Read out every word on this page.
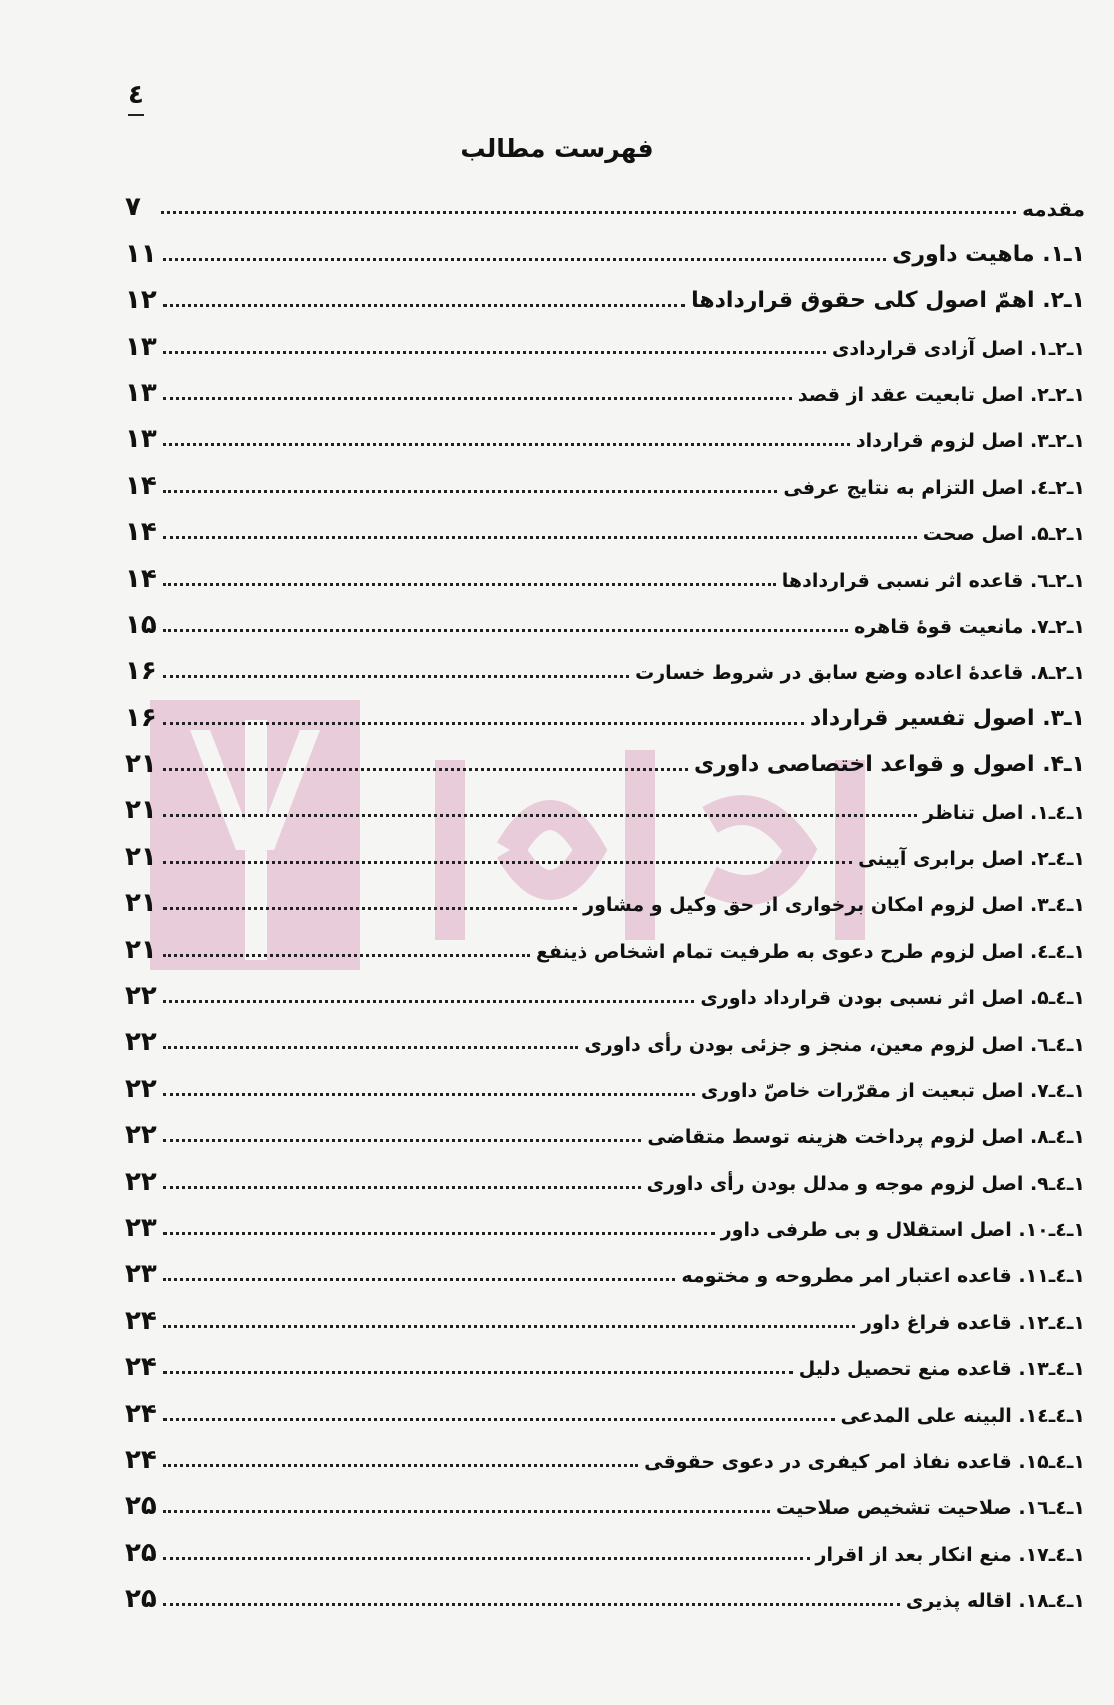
٤
فهرست مطالب
مقدمه
۷
۱ـ۱. ماهیت داوری
۱۱
۱ـ۲. اهمّ اصول کلی حقوق قراردادها
۱۲
۱ـ۲ـ۱. اصل آزادی قراردادی
۱۳
۱ـ۲ـ۲. اصل تابعیت عقد از قصد
۱۳
۱ـ۲ـ۳. اصل لزوم قرارداد
۱۳
۱ـ۲ـ٤. اصل التزام به نتایج عرفی
۱۴
۱ـ۲ـ۵. اصل صحت
۱۴
۱ـ۲ـ٦. قاعده اثر نسبی قراردادها
۱۴
۱ـ۲ـ۷. مانعیت قوهٔ قاهره
۱۵
۱ـ۲ـ۸. قاعدهٔ اعاده وضع سابق در شروط خسارت
۱۶
۱ـ۳. اصول تفسیر قرارداد
۱۶
۱ـ۴. اصول و قواعد اختصاصی داوری
۲۱
۱ـ٤ـ۱. اصل تناظر
۲۱
۱ـ٤ـ۲. اصل برابری آیینی
۲۱
۱ـ٤ـ۳. اصل لزوم امکان برخواری از حق وکیل و مشاور
۲۱
۱ـ٤ـ٤. اصل لزوم طرح دعوی به طرفیت تمام اشخاص ذینفع
۲۱
۱ـ٤ـ۵. اصل اثر نسبی بودن قرارداد داوری
۲۲
۱ـ٤ـ٦. اصل لزوم معین، منجز و جزئی بودن رأی داوری
۲۲
۱ـ٤ـ۷. اصل تبعیت از مقرّرات خاصّ داوری
۲۲
۱ـ٤ـ۸. اصل لزوم پرداخت هزینه توسط متقاضی
۲۲
۱ـ٤ـ۹. اصل لزوم موجه و مدلل بودن رأی داوری
۲۲
۱ـ٤ـ۱۰. اصل استقلال و بی طرفی داور
۲۳
۱ـ٤ـ۱۱. قاعده اعتبار امر مطروحه و مختومه
۲۳
۱ـ٤ـ۱۲. قاعده فراغ داور
۲۴
۱ـ٤ـ۱۳. قاعده منع تحصیل دلیل
۲۴
۱ـ٤ـ۱٤. البینه علی المدعی
۲۴
۱ـ٤ـ۱۵. قاعده نفاذ امر کیفری در دعوی حقوقی
۲۴
۱ـ٤ـ۱٦. صلاحیت تشخیص صلاحیت
۲۵
۱ـ٤ـ۱۷. منع انکار بعد از اقرار
۲۵
۱ـ٤ـ۱۸. اقاله پذیری
۲۵
